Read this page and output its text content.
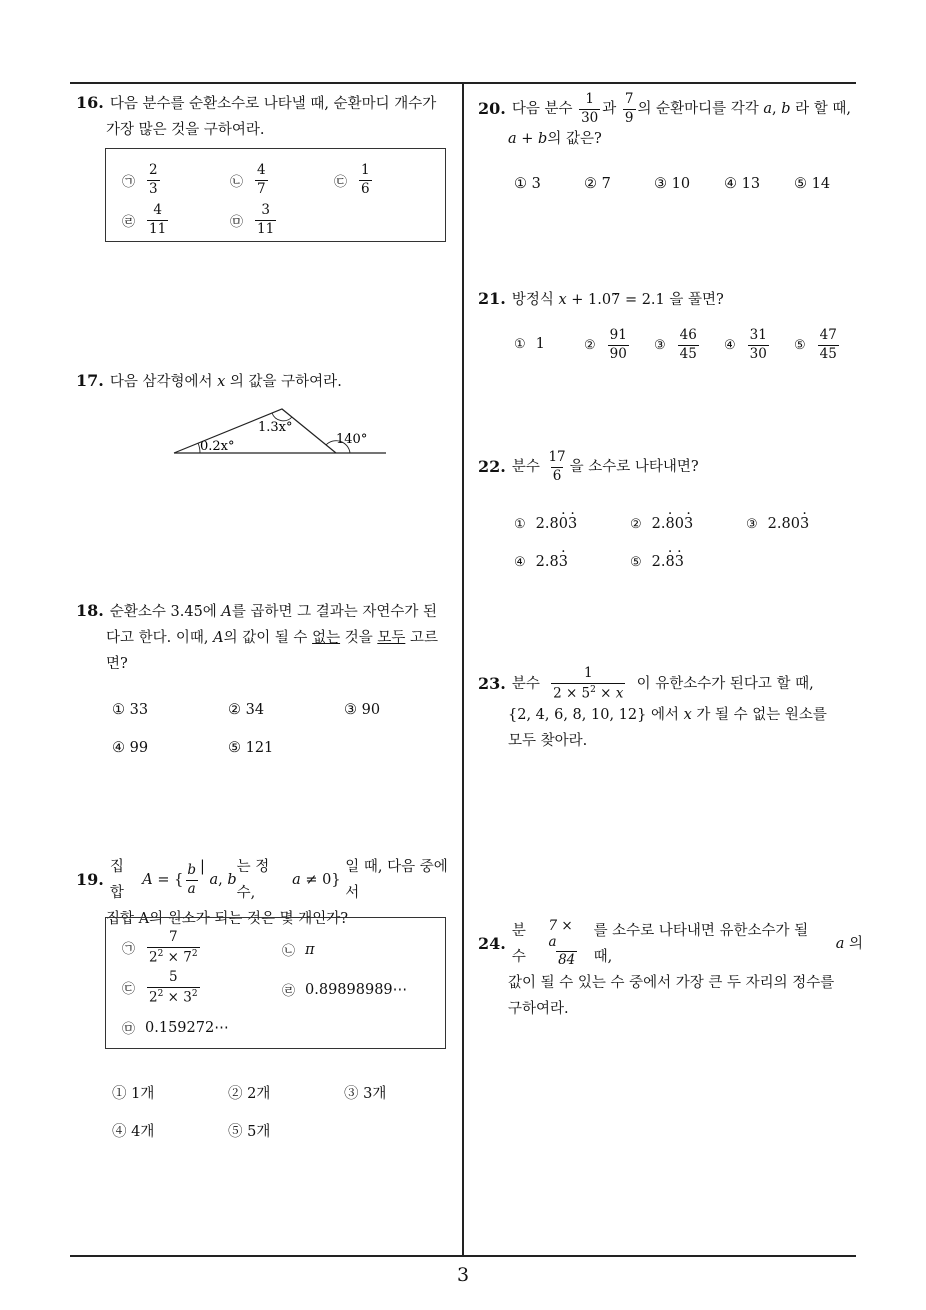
3
16. 다음 분수를 순환소수로 나타낼 때, 순환마디 개수가
가장 많은 것을 구하여라.
㉠ $\frac{2}{3}$	㉡ $\frac{4}{7}$	㉢ $\frac{1}{6}$
㉣ $\frac{4}{11}$	㉤ $\frac{3}{11}$
17. 다음 삼각형에서 x 의 값을 구하여라.
1.3x°
0.2x°	140°
18. 순환소수 3.4 ·5 ·에 A를 곱하면 그 결과는 자연수가 된
다고 한다. 이때, A의 값이 될 수 없는 것을 모두 고르
면?
① 33	② 34	③ 90
④ 99	⑤ 121
19.
집합

A = { $\frac{b}{a}$ |
a , b
는 정수,
a ≠ 0}
일 때, 다음 중에서
집합 A의 원소가 되는 것은 몇 개인가?
㉠ $\frac{7}{2^2 \times 7^2}$	㉡ π
㉢ $\frac{5}{2^2 \times 3^2}$	㉣ 0.89898989⋯
㉤ 0.159272⋯
① 1개	② 2개	③ 3개
④ 4개	⑤ 5개
20. 다음 분수
$\frac{1}{30}$ 과
$\frac{7}{9}$ 의 순환마디를 각각
a , b
라 할 때,
a + b의 값은?
① 3	② 7	③ 10 ④ 13 ⑤ 14
21. 방정식 x + 1.07 · = 2.1 · 을 풀면?
① 1	② $\frac{91}{90}$ ③ $\frac{46}{45}$ ④ $\frac{31}{30}$ ⑤ $\frac{47}{45}$
22. 분수
$\frac{17}{6}$ 을 소수로 나타내면?
① 2.8 0 · 3 ·	② 2. 8 · 0 3 ·	③ 2.80 3 ·
④ 2.8 3 ·	⑤ 2. 8 · 3 ·
23. 분수
$\frac{1}{2 \times 5^2 \times x}$
이 유한소수가 된다고 할 때,
{2, 4, 6, 8, 10, 12} 에서 x 가 될 수 없는 원소를
모두 찾아라.
24.
분수
	$\frac{7 \times a}{84}$
를 소수로 나타내면 유한소수가 될 때,

a
의
값이 될 수 있는 수 중에서 가장 큰 두 자리의 정수를
구하여라.
